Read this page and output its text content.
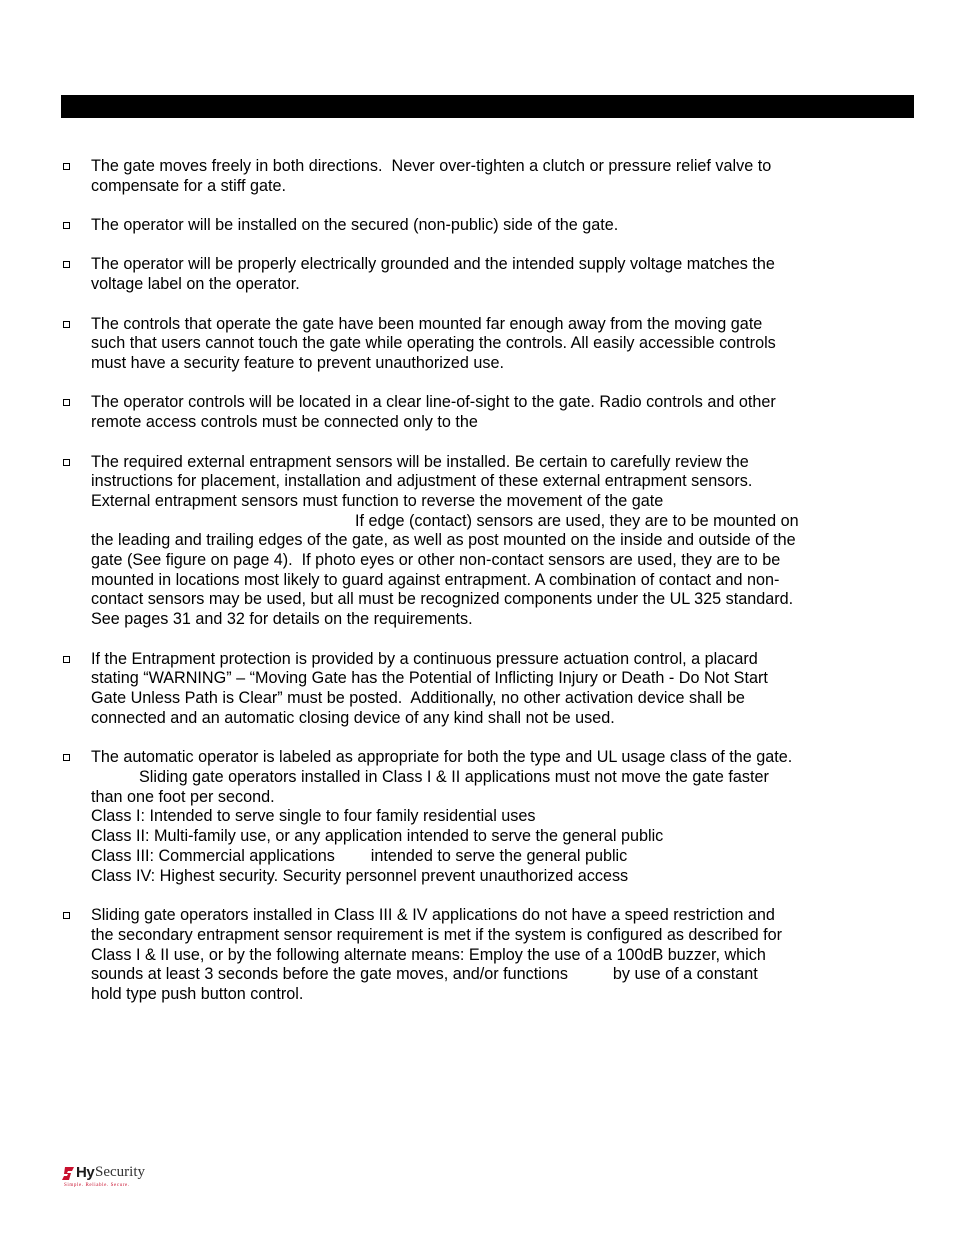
The gate moves freely in both directions.  Never over-tighten a clutch or pressure relief valve to
compensate for a stiff gate.
The operator will be installed on the secured (non-public) side of the gate.
The operator will be properly electrically grounded and the intended supply voltage matches the
voltage label on the operator.
The controls that operate the gate have been mounted far enough away from the moving gate
such that users cannot touch the gate while operating the controls. All easily accessible controls
must have a security feature to prevent unauthorized use.
The operator controls will be located in a clear line-of-sight to the gate. Radio controls and other
remote access controls must be connected only to the
The required external entrapment sensors will be installed. Be certain to carefully review the
instructions for placement, installation and adjustment of these external entrapment sensors.
External entrapment sensors must function to reverse the movement of the gate
If edge (contact) sensors are used, they are to be mounted on
the leading and trailing edges of the gate, as well as post mounted on the inside and outside of the
gate (See figure on page 4).  If photo eyes or other non-contact sensors are used, they are to be
mounted in locations most likely to guard against entrapment. A combination of contact and non-
contact sensors may be used, but all must be recognized components under the UL 325 standard.
See pages 31 and 32 for details on the requirements.
If the Entrapment protection is provided by a continuous pressure actuation control, a placard
stating “WARNING” – “Moving Gate has the Potential of Inflicting Injury or Death - Do Not Start
Gate Unless Path is Clear” must be posted.  Additionally, no other activation device shall be
connected and an automatic closing device of any kind shall not be used.
The automatic operator is labeled as appropriate for both the type and UL usage class of the gate.
Sliding gate operators installed in Class I & II applications must not move the gate faster
than one foot per second.
Class I: Intended to serve single to four family residential uses
Class II: Multi-family use, or any application intended to serve the general public
Class III: Commercial applications        intended to serve the general public
Class IV: Highest security. Security personnel prevent unauthorized access
Sliding gate operators installed in Class III & IV applications do not have a speed restriction and
the secondary entrapment sensor requirement is met if the system is configured as described for
Class I & II use, or by the following alternate means: Employ the use of a 100dB buzzer, which
sounds at least 3 seconds before the gate moves, and/or functions          by use of a constant
hold type push button control.
Hy Security
Simple. Reliable. Secure.
